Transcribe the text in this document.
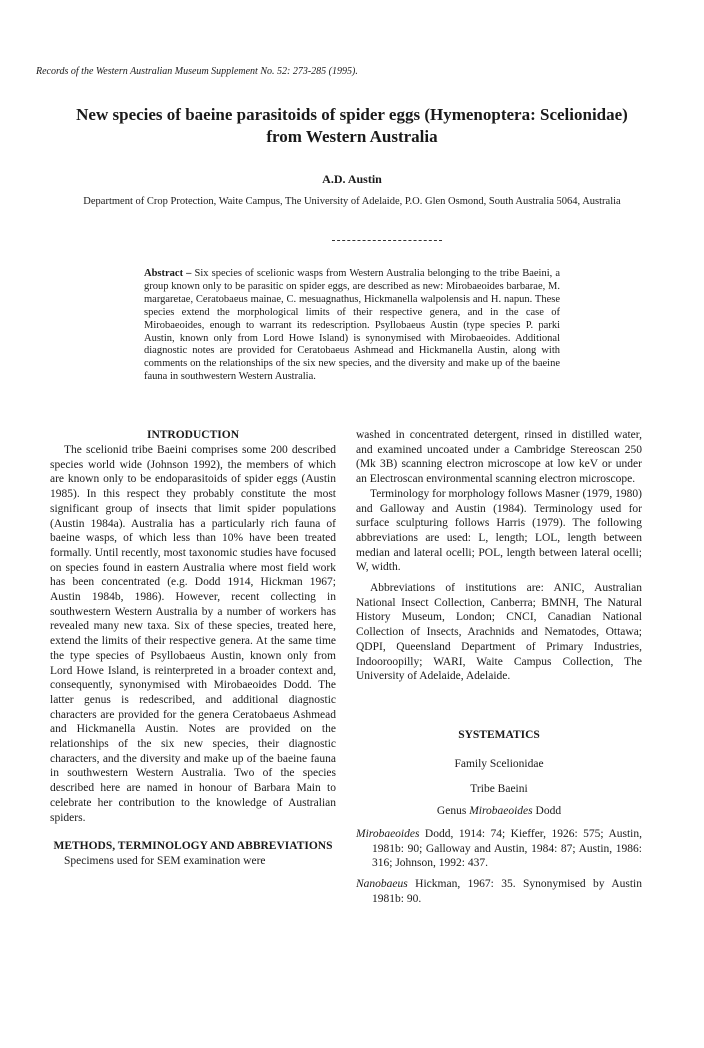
Records of the Western Australian Museum Supplement No. 52: 273-285 (1995).
New species of baeine parasitoids of spider eggs (Hymenoptera: Scelionidae) from Western Australia
A.D. Austin
Department of Crop Protection, Waite Campus, The University of Adelaide, P.O. Glen Osmond, South Australia 5064, Australia
Abstract – Six species of scelionic wasps from Western Australia belonging to the tribe Baeini, a group known only to be parasitic on spider eggs, are described as new: Mirobaeoides barbarae, M. margaretae, Ceratobaeus mainae, C. mesuagnathus, Hickmanella walpolensis and H. napun. These species extend the morphological limits of their respective genera, and in the case of Mirobaeoides, enough to warrant its redescription. Psyllobaeus Austin (type species P. parki Austin, known only from Lord Howe Island) is synonymised with Mirobaeoides. Additional diagnostic notes are provided for Ceratobaeus Ashmead and Hickmanella Austin, along with comments on the relationships of the six new species, and the diversity and make up of the baeine fauna in southwestern Western Australia.
INTRODUCTION

The scelionid tribe Baeini comprises some 200 described species world wide (Johnson 1992), the members of which are known only to be endoparasitoids of spider eggs (Austin 1985). In this respect they probably constitute the most significant group of insects that limit spider populations (Austin 1984a). Australia has a particularly rich fauna of baeine wasps, of which less than 10% have been treated formally. Until recently, most taxonomic studies have focused on species found in eastern Australia where most field work has been concentrated (e.g. Dodd 1914, Hickman 1967; Austin 1984b, 1986). However, recent collecting in southwestern Western Australia by a number of workers has revealed many new taxa. Six of these species, treated here, extend the limits of their respective genera. At the same time the type species of Psyllobaeus Austin, known only from Lord Howe Island, is reinterpreted in a broader context and, consequently, synonymised with Mirobaeoides Dodd. The latter genus is redescribed, and additional diagnostic characters are provided for the genera Ceratobaeus Ashmead and Hickmanella Austin. Notes are provided on the relationships of the six new species, their diagnostic characters, and the diversity and make up of the baeine fauna in southwestern Western Australia. Two of the species described here are named in honour of Barbara Main to celebrate her contribution to the knowledge of Australian spiders.

METHODS, TERMINOLOGY AND ABBREVIATIONS

Specimens used for SEM examination were

washed in concentrated detergent, rinsed in distilled water, and examined uncoated under a Cambridge Stereoscan 250 (Mk 3B) scanning electron microscope at low keV or under an Electroscan environmental scanning electron microscope.

Terminology for morphology follows Masner (1979, 1980) and Galloway and Austin (1984). Terminology used for surface sculpturing follows Harris (1979). The following abbreviations are used: L, length; LOL, length between median and lateral ocelli; POL, length between lateral ocelli; W, width.

Abbreviations of institutions are: ANIC, Australian National Insect Collection, Canberra; BMNH, The Natural History Museum, London; CNCI, Canadian National Collection of Insects, Arachnids and Nematodes, Ottawa; QDPI, Queensland Department of Primary Industries, Indooroopilly; WARI, Waite Campus Collection, The University of Adelaide, Adelaide.

SYSTEMATICS

Family Scelionidae

Tribe Baeini

Genus Mirobaeoides Dodd

Mirobaeoides Dodd, 1914: 74; Kieffer, 1926: 575; Austin, 1981b: 90; Galloway and Austin, 1984: 87; Austin, 1986: 316; Johnson, 1992: 437.

Nanobaeus Hickman, 1967: 35. Synonymised by Austin 1981b: 90.
